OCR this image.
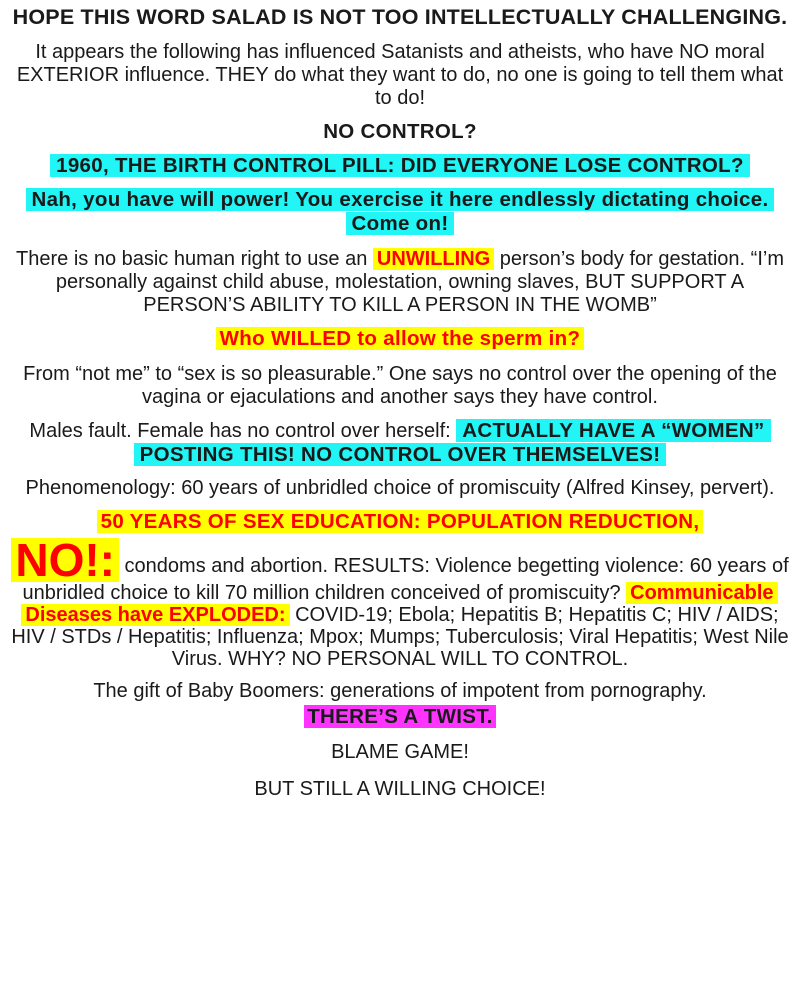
HOPE THIS WORD SALAD IS NOT TOO INTELLECTUALLY CHALLENGING.
It appears the following has influenced Satanists and atheists, who have NO moral EXTERIOR influence. THEY do what they want to do, no one is going to tell them what to do!
NO CONTROL?
1960, THE BIRTH CONTROL PILL: DID EVERYONE LOSE CONTROL?
Nah, you have will power! You exercise it here endlessly dictating choice. Come on!
There is no basic human right to use an UNWILLING person’s body for gestation. “I’m personally against child abuse, molestation, owning slaves, BUT SUPPORT A PERSON’S ABILITY TO KILL A PERSON IN THE WOMB”
Who WILLED to allow the sperm in?
From “not me” to “sex is so pleasurable.” One says no control over the opening of the vagina or ejaculations and another says they have control.
Males fault. Female has no control over herself: ACTUALLY HAVE A “WOMEN” POSTING THIS! NO CONTROL OVER THEMSELVES!
Phenomenology: 60 years of unbridled choice of promiscuity (Alfred Kinsey, pervert).
50 YEARS OF SEX EDUCATION: POPULATION REDUCTION,
NO!: condoms and abortion. RESULTS: Violence begetting violence: 60 years of unbridled choice to kill 70 million children conceived of promiscuity? Communicable Diseases have EXPLODED: COVID-19; Ebola; Hepatitis B; Hepatitis C; HIV / AIDS; HIV / STDs / Hepatitis; Influenza; Mpox; Mumps; Tuberculosis; Viral Hepatitis; West Nile Virus. WHY? NO PERSONAL WILL TO CONTROL.
The gift of Baby Boomers: generations of impotent from pornography.
THERE’S A TWIST.
BLAME GAME!
BUT STILL A WILLING CHOICE!
